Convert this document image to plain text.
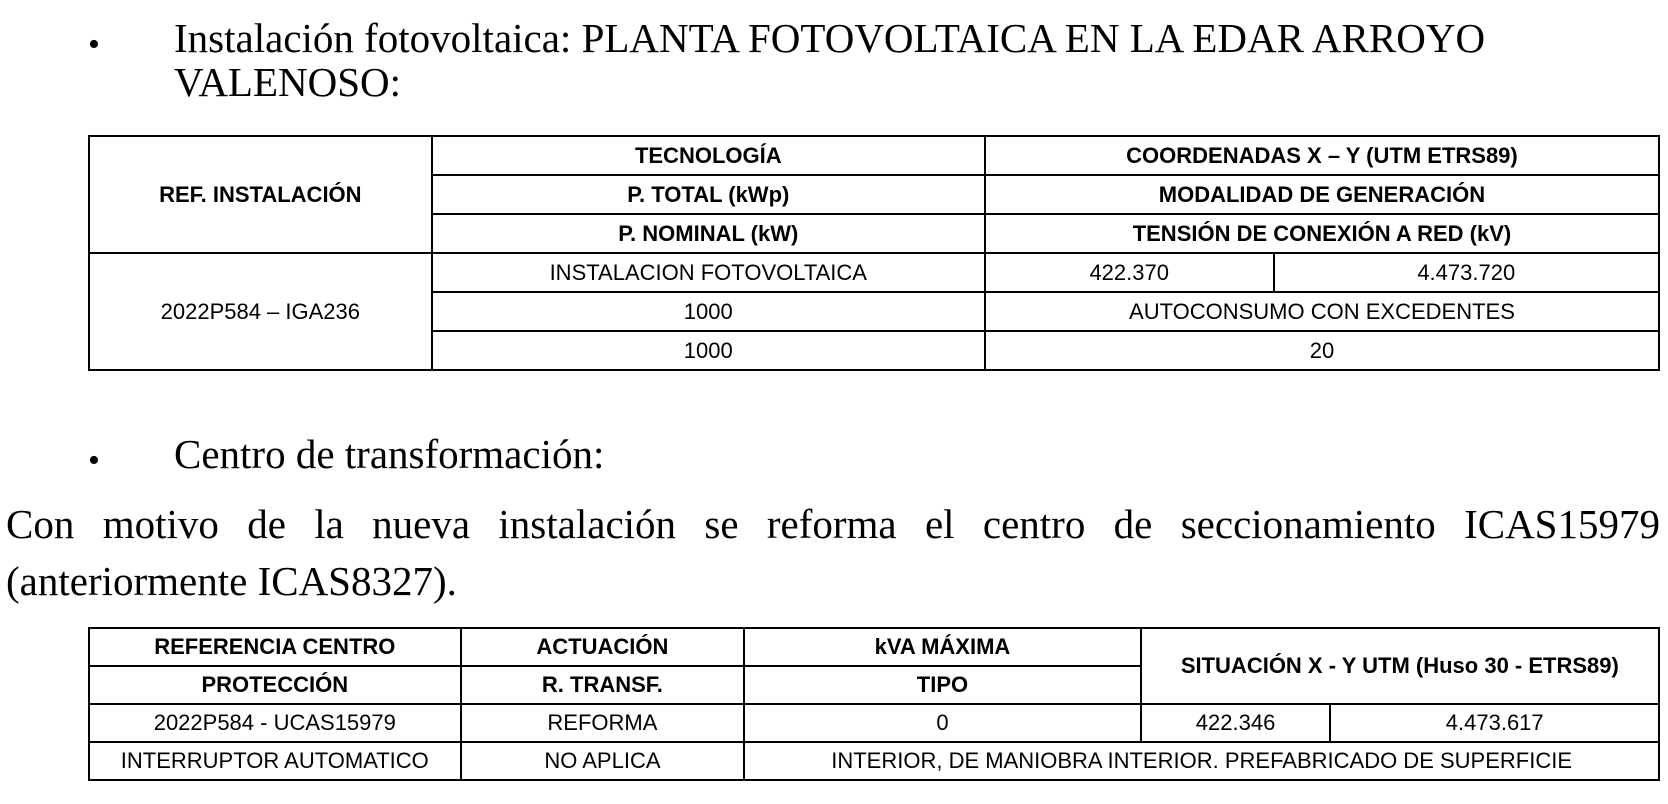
• Instalación fotovoltaica: PLANTA FOTOVOLTAICA EN LA EDAR ARROYO VALENOSO:
REF. INSTALACIÓN	TECNOLOGÍA	COORDENADAS X – Y (UTM ETRS89)	
	P. TOTAL (kWp)	MODALIDAD DE GENERACIÓN	
	P. NOMINAL (kW)	TENSIÓN DE CONEXIÓN A RED (kV)	
2022P584 – IGA236	INSTALACION FOTOVOLTAICA	422.370	4.473.720
	1000	AUTOCONSUMO CON EXCEDENTES	
	1000	20	
• Centro de transformación:
Con motivo de la nueva instalación se reforma el centro de seccionamiento ICAS15979 (anteriormente ICAS8327).
REFERENCIA CENTRO	ACTUACIÓN	kVA MÁXIMA	SITUACIÓN X - Y UTM (Huso 30 - ETRS89)	
PROTECCIÓN	R. TRANSF.	TIPO		
2022P584 - UCAS15979	REFORMA	0	422.346	4.473.617
INTERRUPTOR AUTOMATICO	NO APLICA	INTERIOR, DE MANIOBRA INTERIOR. PREFABRICADO DE SUPERFICIE		
